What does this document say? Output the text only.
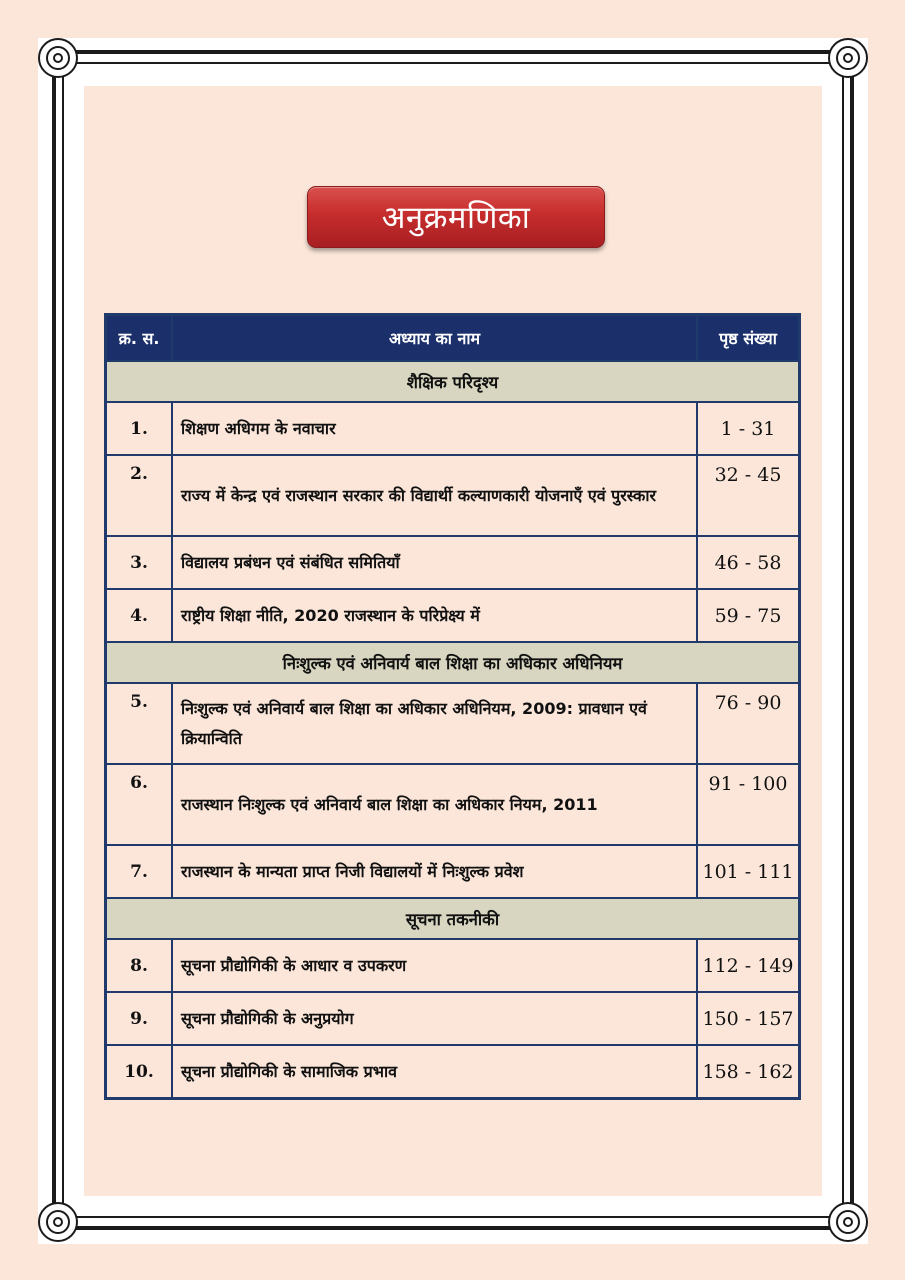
अनुक्रमणिका
क्र. स.	अध्याय का नाम	पृष्ठ संख्या
शैक्षिक परिदृश्य		
1.	शिक्षण अधिगम के नवाचार	1 - 31
2.	राज्य में केन्द्र एवं राजस्थान सरकार की विद्यार्थी कल्याणकारी योजनाएँ एवं पुरस्कार	32 - 45
3.	विद्यालय प्रबंधन एवं संबंधित समितियाँ	46 - 58
4.	राष्ट्रीय शिक्षा नीति, 2020 राजस्थान के परिप्रेक्ष्य में	59 - 75
निःशुल्क एवं अनिवार्य बाल शिक्षा का अधिकार अधिनियम		
5.	निःशुल्क एवं अनिवार्य बाल शिक्षा का अधिकार अधिनियम, 2009: प्रावधान एवं क्रियान्विति	76 - 90
6.	राजस्थान निःशुल्क एवं अनिवार्य बाल शिक्षा का अधिकार नियम, 2011	91 - 100
7.	राजस्थान के मान्यता प्राप्त निजी विद्यालयों में निःशुल्क प्रवेश	101 - 111
सूचना तकनीकी		
8.	सूचना प्रौद्योगिकी के आधार व उपकरण	112 - 149
9.	सूचना प्रौद्योगिकी के अनुप्रयोग	150 - 157
10.	सूचना प्रौद्योगिकी के सामाजिक प्रभाव	158 - 162
